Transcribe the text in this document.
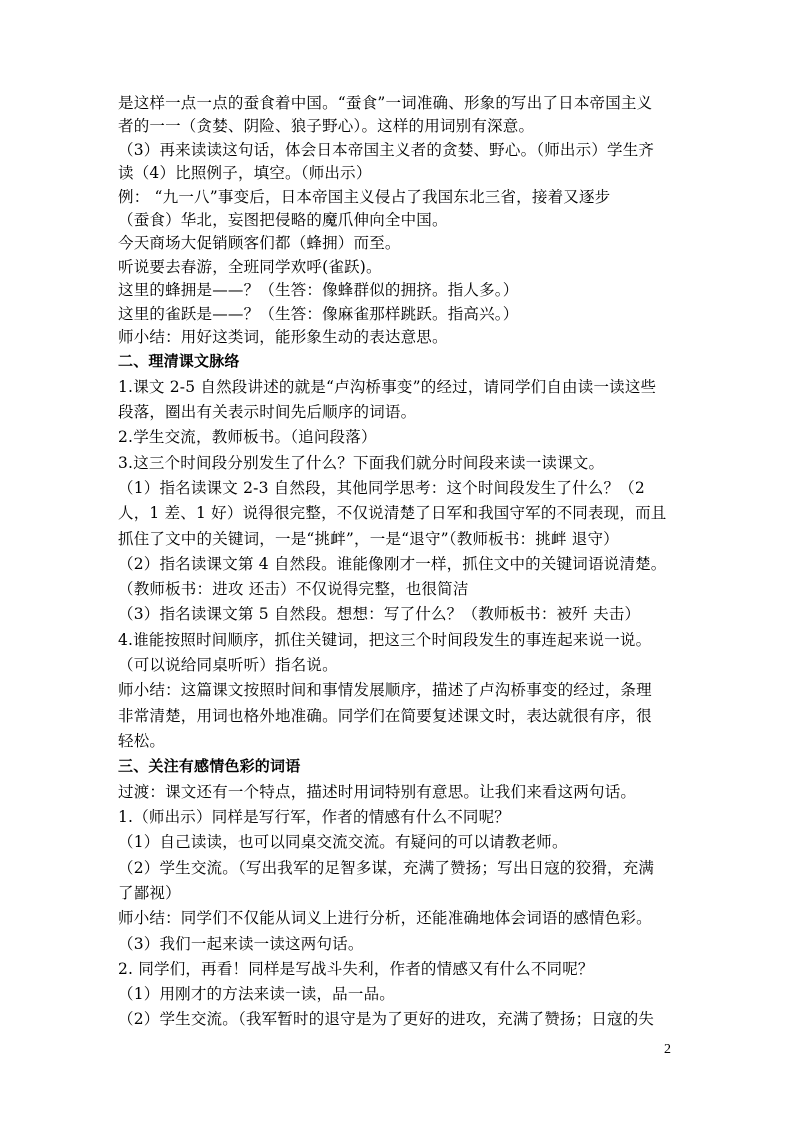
是这样一点一点的蚕食着中国。“蚕食”一词准确、形象的写出了日本帝国主义
者的一一（贪婪、阴险、狼子野心）。这样的用词别有深意。
（3）再来读读这句话，体会日本帝国主义者的贪婪、野心。（师出示）学生齐
读（4）比照例子，填空。（师出示）
例： “九一八”事变后，日本帝国主义侵占了我国东北三省，接着又逐步
（蚕食）华北，妄图把侵略的魔爪伸向全中国。
今天商场大促销顾客们都（蜂拥）而至。
听说要去春游，全班同学欢呼(雀跃)。
这里的蜂拥是——？（生答：像蜂群似的拥挤。指人多。）
这里的雀跃是——？（生答：像麻雀那样跳跃。指高兴。）
师小结：用好这类词，能形象生动的表达意思。
二、理清课文脉络
1.课文 2-5 自然段讲述的就是“卢沟桥事变”的经过，请同学们自由读一读这些
段落，圈出有关表示时间先后顺序的词语。
2.学生交流，教师板书。（追问段落）
3.这三个时间段分别发生了什么？下面我们就分时间段来读一读课文。
（1）指名读课文 2-3 自然段，其他同学思考：这个时间段发生了什么？（2
人，1 差、1 好）说得很完整，不仅说清楚了日军和我国守军的不同表现，而且
抓住了文中的关键词，一是“挑衅”，一是“退守”（教师板书：挑衅 退守）
（2）指名读课文第 4 自然段。谁能像刚才一样，抓住文中的关键词语说清楚。
（教师板书：进攻 还击）不仅说得完整，也很简洁
（3）指名读课文第 5 自然段。想想：写了什么？（教师板书：被歼 夫击）
4.谁能按照时间顺序，抓住关键词，把这三个时间段发生的事连起来说一说。
（可以说给同桌听听）指名说。
师小结：这篇课文按照时间和事情发展顺序，描述了卢沟桥事变的经过，条理
非常清楚，用词也格外地准确。同学们在简要复述课文时，表达就很有序，很
轻松。
三、关注有感情色彩的词语
过渡：课文还有一个特点，描述时用词特别有意思。让我们来看这两句话。
1.（师出示）同样是写行军，作者的情感有什么不同呢？
（1）自己读读，也可以同桌交流交流。有疑问的可以请教老师。
（2）学生交流。（写出我军的足智多谋，充满了赞扬；写出日寇的狡猾，充满
了鄙视）
师小结：同学们不仅能从词义上进行分析，还能准确地体会词语的感情色彩。
（3）我们一起来读一读这两句话。
2. 同学们，再看！同样是写战斗失利，作者的情感又有什么不同呢？
（1）用刚才的方法来读一读，品一品。
（2）学生交流。（我军暂时的退守是为了更好的进攻，充满了赞扬；日寇的失
2
